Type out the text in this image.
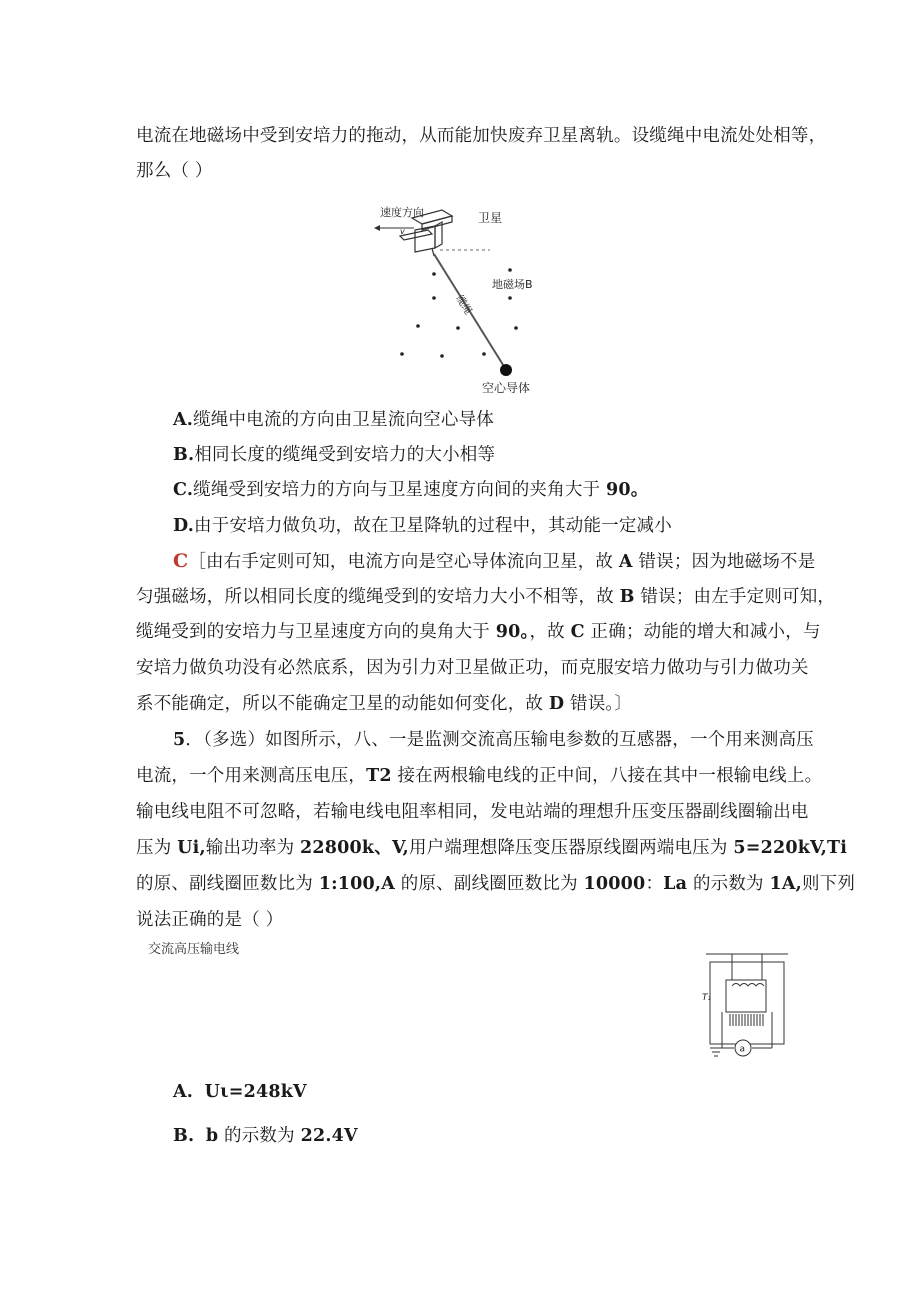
电流在地磁场中受到安培力的拖动，从而能加快废弃卫星离轨。设缆绳中电流处处相等，
那么（ ）
速度方向
v
卫星
地磁场B
缆绳
空心导体
A.缆绳中电流的方向由卫星流向空心导体
B.相同长度的缆绳受到安培力的大小相等
C.缆绳受到安培力的方向与卫星速度方向间的夹角大于 90。
D.由于安培力做负功，故在卫星降轨的过程中，其动能一定减小
C［由右手定则可知，电流方向是空心导体流向卫星，故 A 错误；因为地磁场不是
匀强磁场，所以相同长度的缆绳受到的安培力大小不相等，故 B 错误；由左手定则可知，
缆绳受到的安培力与卫星速度方向的臭角大于 90。，故 C 正确；动能的增大和减小，与
安培力做负功没有必然底系，因为引力对卫星做正功，而克服安培力做功与引力做功关
系不能确定，所以不能确定卫星的动能如何变化，故 D 错误。〕
5．（多选）如图所示，八、一是监测交流高压输电参数的互感器，一个用来测高压
电流，一个用来测高压电压，T2 接在两根输电线的正中间，八接在其中一根输电线上。
输电线电阻不可忽略，若输电线电阻率相同，发电站端的理想升压变压器副线圈输出电
压为 Ui,输出功率为 22800k、V,用户端理想降压变压器原线圈两端电压为 5=220kV,Ti
的原、副线圈匝数比为 1:100,A 的原、副线圈匝数比为 10000：La 的示数为 1A,则下列
说法正确的是（ ）
交流高压输电线
a
T₁
A. Uι=248kV
B. b 的示数为 22.4V
